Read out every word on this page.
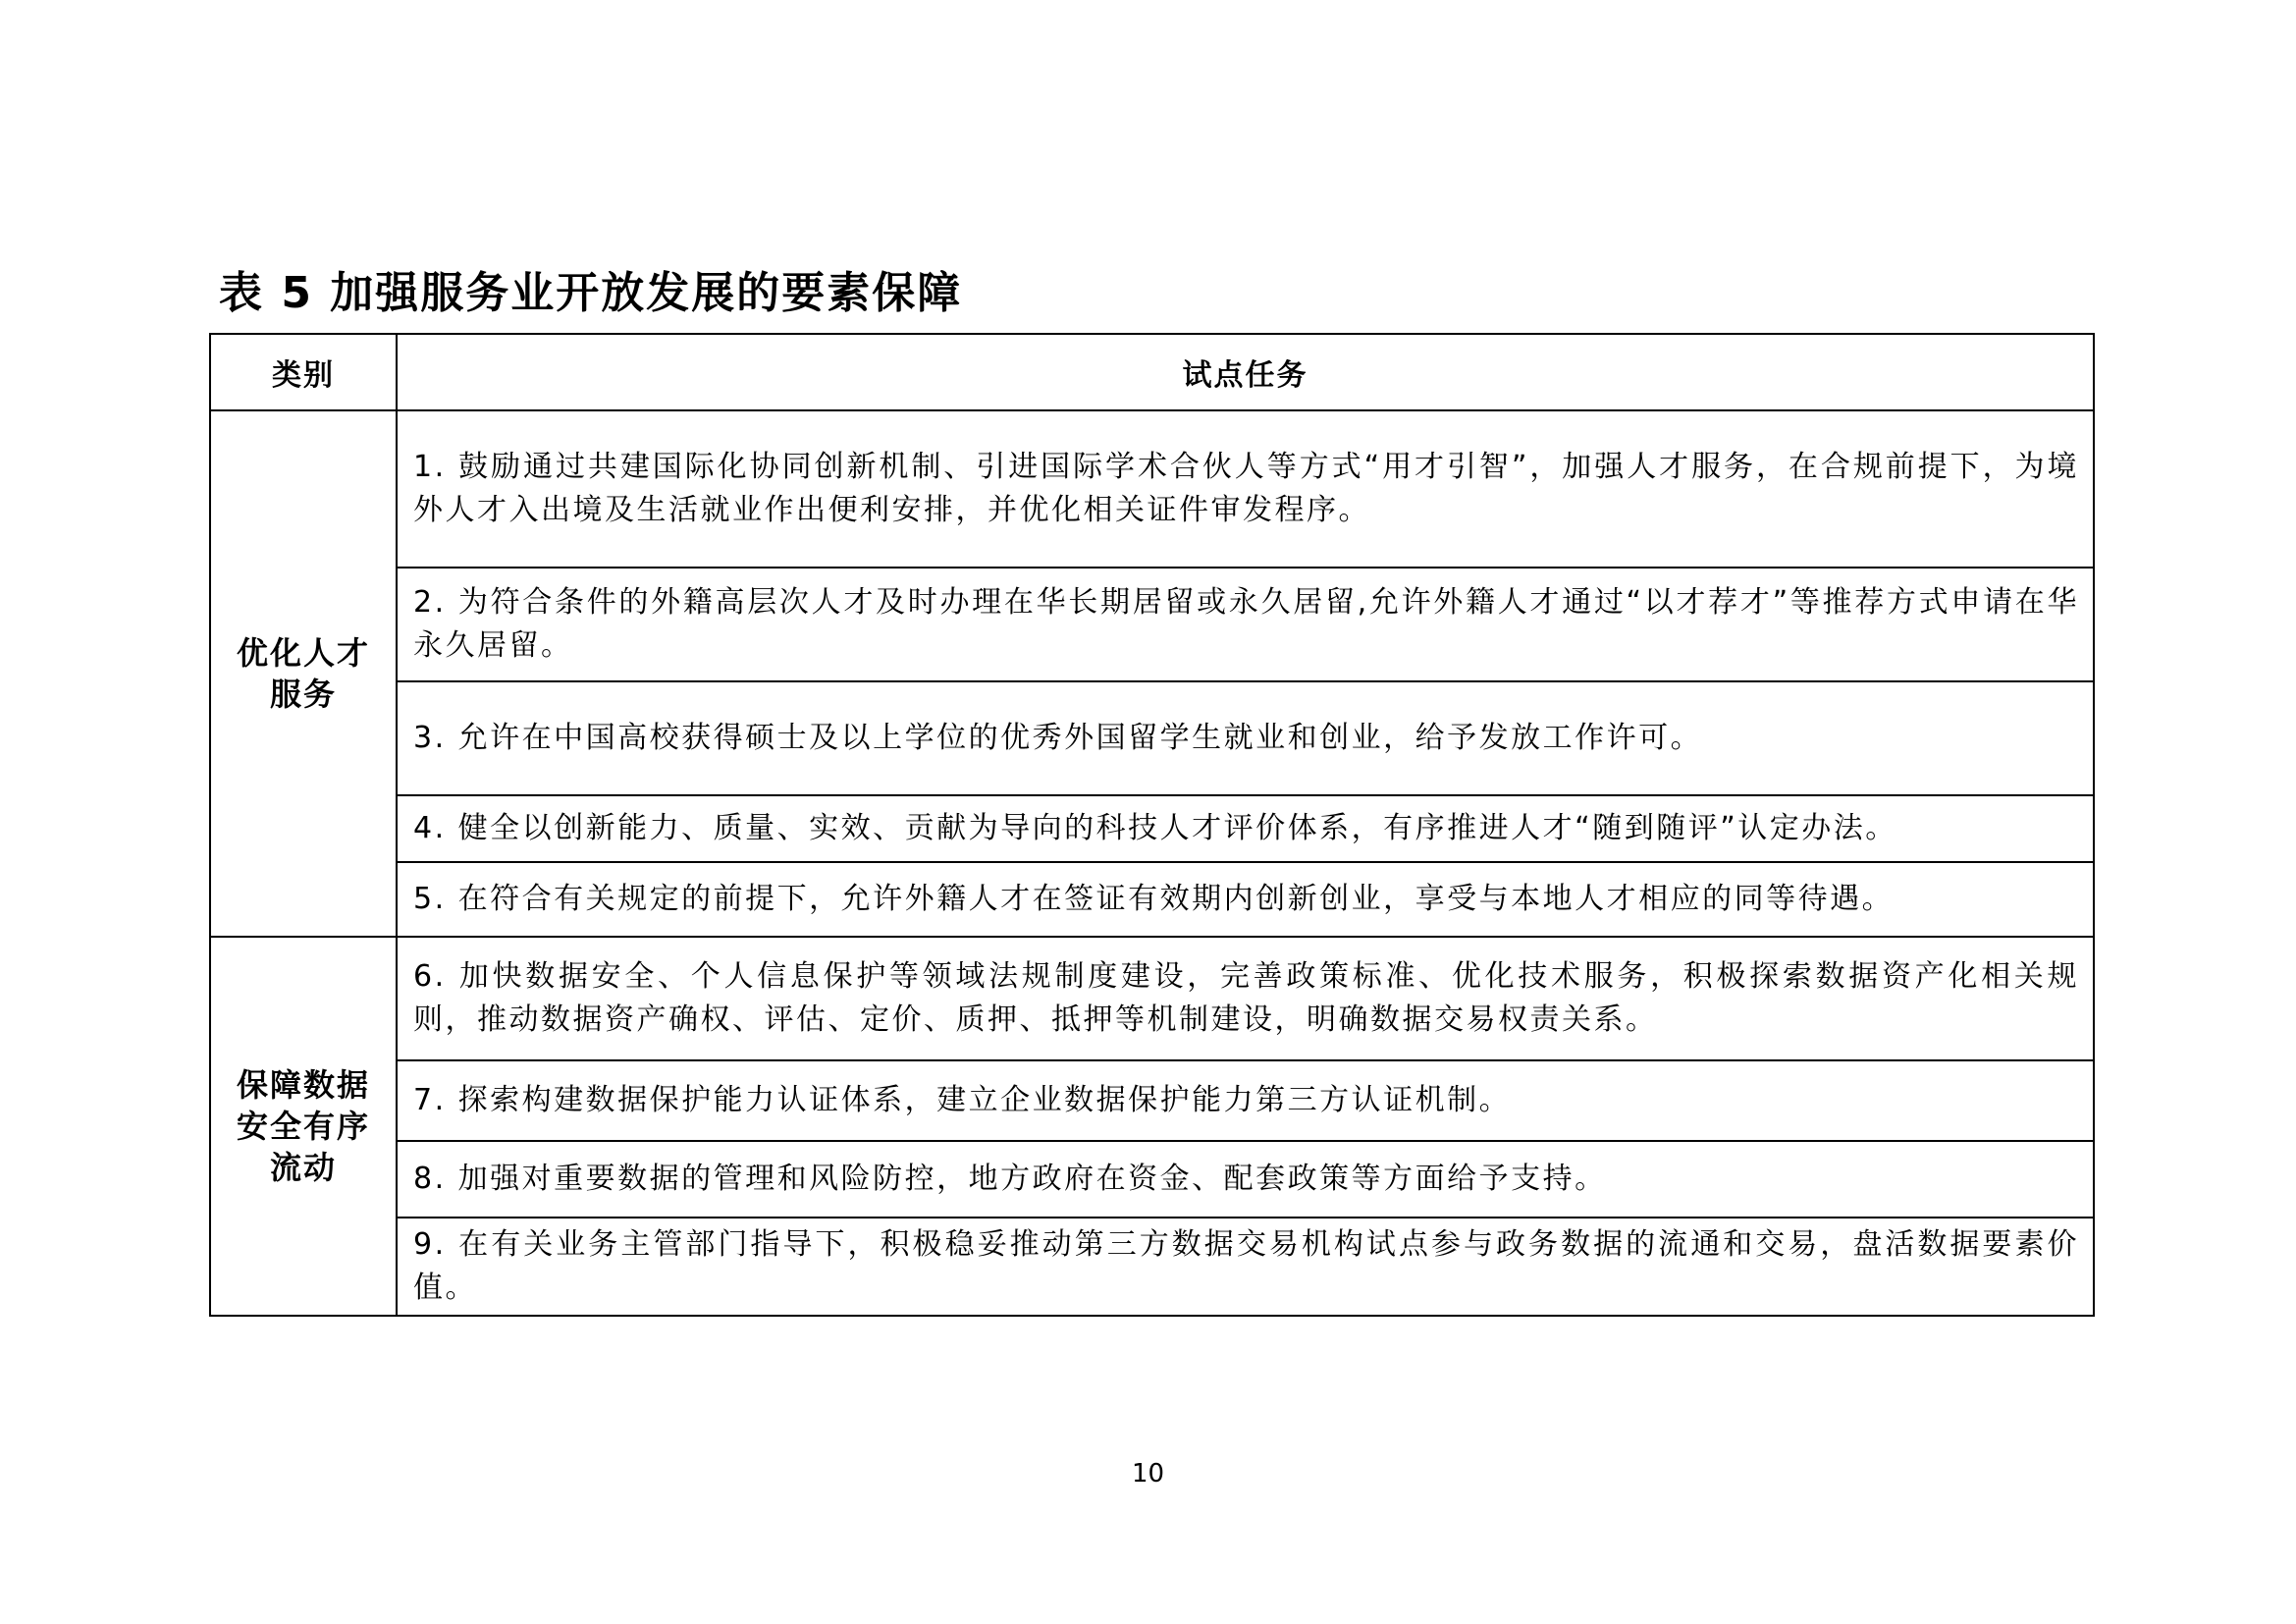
表 5 加强服务业开放发展的要素保障
类别	试点任务

优化人才服务	1. 鼓励通过共建国际化协同创新机制、引进国际学术合伙人等方式“用才引智”，加强人才服务，在合规前提下，为境外人才入出境及生活就业作出便利安排，并优化相关证件审发程序。
	2. 为符合条件的外籍高层次人才及时办理在华长期居留或永久居留,允许外籍人才通过“以才荐才”等推荐方式申请在华永久居留。
	3. 允许在中国高校获得硕士及以上学位的优秀外国留学生就业和创业，给予发放工作许可。
	4. 健全以创新能力、质量、实效、贡献为导向的科技人才评价体系，有序推进人才“随到随评”认定办法。
	5. 在符合有关规定的前提下，允许外籍人才在签证有效期内创新创业，享受与本地人才相应的同等待遇。

保障数据安全有序流动	6. 加快数据安全、个人信息保护等领域法规制度建设，完善政策标准、优化技术服务，积极探索数据资产化相关规则，推动数据资产确权、评估、定价、质押、抵押等机制建设，明确数据交易权责关系。
	7. 探索构建数据保护能力认证体系，建立企业数据保护能力第三方认证机制。
	8. 加强对重要数据的管理和风险防控，地方政府在资金、配套政策等方面给予支持。
	9. 在有关业务主管部门指导下，积极稳妥推动第三方数据交易机构试点参与政务数据的流通和交易，盘活数据要素价值。
10
